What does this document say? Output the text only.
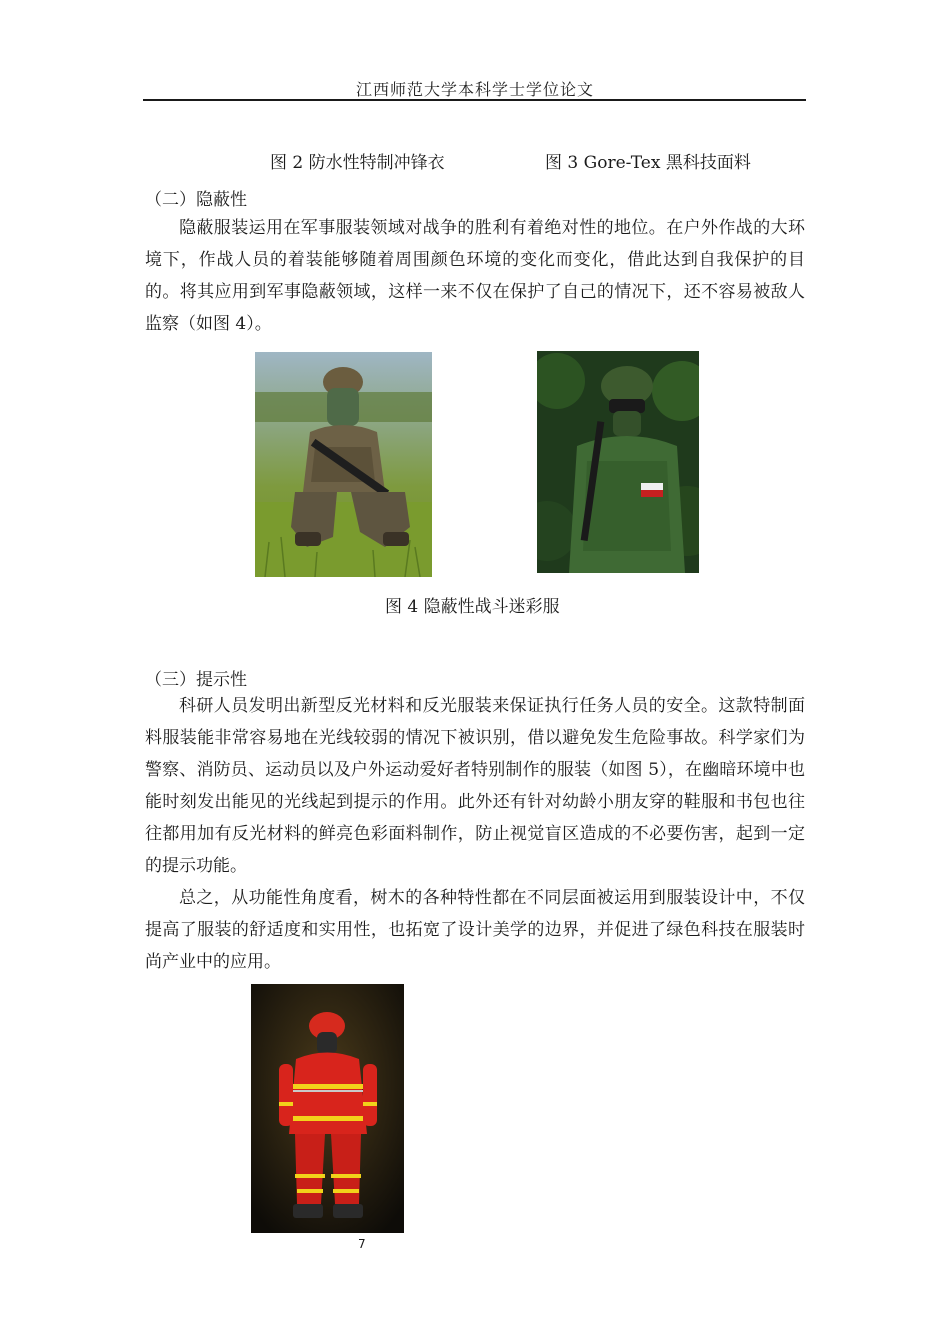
江西师范大学本科学士学位论文
图 2 防水性特制冲锋衣	图 3 Gore-Tex 黑科技面料
（二）隐蔽性

隐蔽服装运用在军事服装领域对战争的胜利有着绝对性的地位。在户外作战的大环境下，作战人员的着装能够随着周围颜色环境的变化而变化，借此达到自我保护的目的。将其应用到军事隐蔽领域，这样一来不仅在保护了自己的情况下，还不容易被敌人监察（如图 4）。

图 4 隐蔽性战斗迷彩服
（三）提示性

科研人员发明出新型反光材料和反光服装来保证执行任务人员的安全。这款特制面料服装能非常容易地在光线较弱的情况下被识别，借以避免发生危险事故。科学家们为警察、消防员、运动员以及户外运动爱好者特别制作的服装（如图 5），在幽暗环境中也能时刻发出能见的光线起到提示的作用。此外还有针对幼龄小朋友穿的鞋服和书包也往往都用加有反光材料的鲜亮色彩面料制作，防止视觉盲区造成的不必要伤害，起到一定的提示功能。

总之，从功能性角度看，树木的各种特性都在不同层面被运用到服装设计中，不仅提高了服装的舒适度和实用性，也拓宽了设计美学的边界，并促进了绿色科技在服装时尚产业中的应用。

7
